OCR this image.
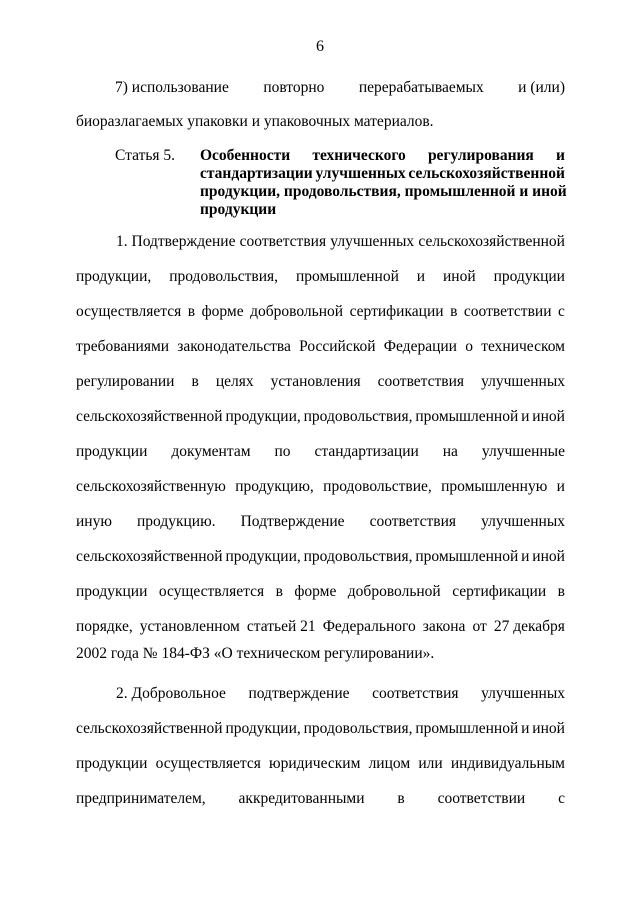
6
7) использование повторно перерабатываемых и (или)
биоразлагаемых упаковки и упаковочных материалов.
Статья 5. Особенности технического регулирования и
стандартизации улучшенных сельскохозяйственной
продукции, продовольствия, промышленной и иной
продукции
1. Подтверждение соответствия улучшенных сельскохозяйственной
продукции, продовольствия, промышленной и иной продукции
осуществляется в форме добровольной сертификации в соответствии с
требованиями законодательства Российской Федерации о техническом
регулировании в целях установления соответствия улучшенных
сельскохозяйственной продукции, продовольствия, промышленной и иной
продукции документам по стандартизации на улучшенные
сельскохозяйственную продукцию, продовольствие, промышленную и
иную продукцию. Подтверждение соответствия улучшенных
сельскохозяйственной продукции, продовольствия, промышленной и иной
продукции осуществляется в форме добровольной сертификации в
порядке, установленном статьей 21 Федерального закона от 27 декабря
2002 года № 184-ФЗ «О техническом регулировании».
2. Добровольное подтверждение соответствия улучшенных
сельскохозяйственной продукции, продовольствия, промышленной и иной
продукции осуществляется юридическим лицом или индивидуальным
предпринимателем, аккредитованными в соответствии с
